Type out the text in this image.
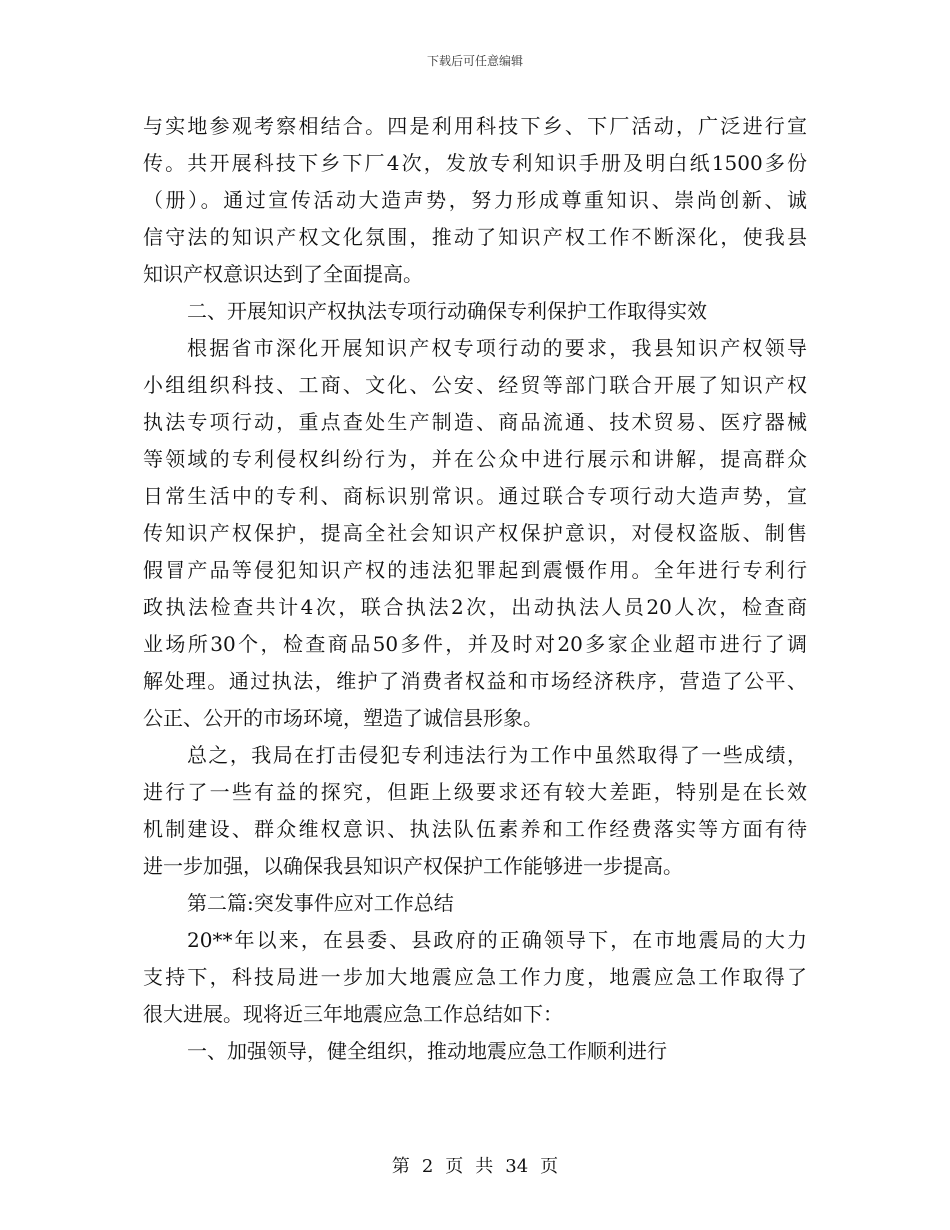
下载后可任意编辑
与实地参观考察相结合。四是利用科技下乡、下厂活动，广泛进行宣
传。共开展科技下乡下厂4次，发放专利知识手册及明白纸1500多份
（册）。通过宣传活动大造声势，努力形成尊重知识、崇尚创新、诚
信守法的知识产权文化氛围，推动了知识产权工作不断深化，使我县
知识产权意识达到了全面提高。
二、开展知识产权执法专项行动确保专利保护工作取得实效
根据省市深化开展知识产权专项行动的要求，我县知识产权领导
小组组织科技、工商、文化、公安、经贸等部门联合开展了知识产权
执法专项行动，重点查处生产制造、商品流通、技术贸易、医疗器械
等领域的专利侵权纠纷行为，并在公众中进行展示和讲解，提高群众
日常生活中的专利、商标识别常识。通过联合专项行动大造声势，宣
传知识产权保护，提高全社会知识产权保护意识，对侵权盗版、制售
假冒产品等侵犯知识产权的违法犯罪起到震慑作用。全年进行专利行
政执法检查共计4次，联合执法2次，出动执法人员20人次，检查商
业场所30个，检查商品50多件，并及时对20多家企业超市进行了调
解处理。通过执法，维护了消费者权益和市场经济秩序，营造了公平、
公正、公开的市场环境，塑造了诚信县形象。
总之，我局在打击侵犯专利违法行为工作中虽然取得了一些成绩，
进行了一些有益的探究，但距上级要求还有较大差距，特别是在长效
机制建设、群众维权意识、执法队伍素养和工作经费落实等方面有待
进一步加强，以确保我县知识产权保护工作能够进一步提高。
第二篇:突发事件应对工作总结
20**年以来，在县委、县政府的正确领导下，在市地震局的大力
支持下，科技局进一步加大地震应急工作力度，地震应急工作取得了
很大进展。现将近三年地震应急工作总结如下：
一、加强领导，健全组织，推动地震应急工作顺利进行
第 2 页 共 34 页
